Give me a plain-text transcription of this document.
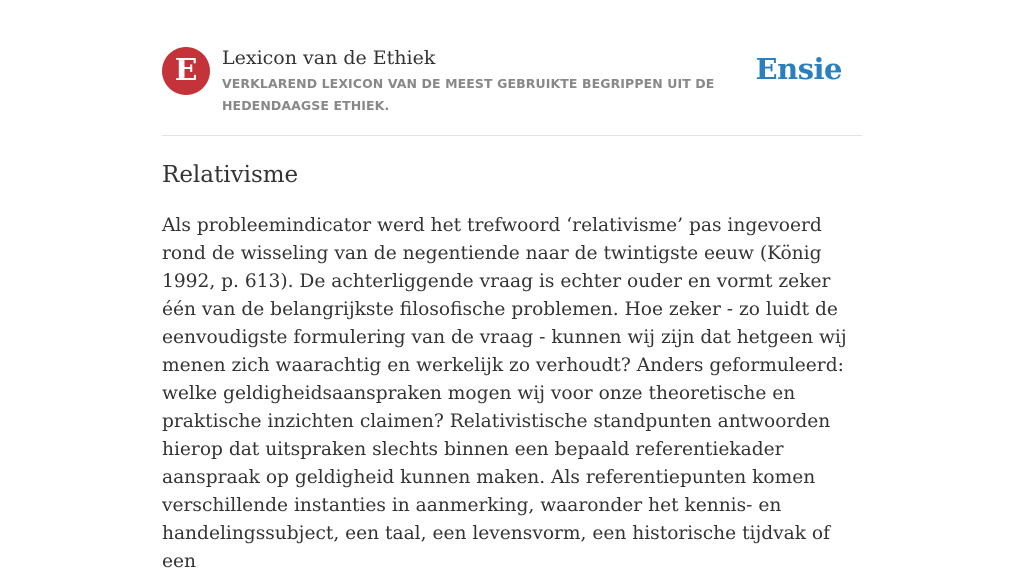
E	Lexicon van de Ethiek
VERKLAREND LEXICON VAN DE MEEST GEBRUIKTE BEGRIPPEN UIT DE HEDENDAAGSE ETHIEK.
Ensie
Relativisme

Als probleemindicator werd het trefwoord ‘relativisme’ pas ingevoerd rond de wisseling van de negentiende naar de twintigste eeuw (König 1992, p. 613). De achterliggende vraag is echter ouder en vormt zeker één van de belangrijkste filosofische problemen. Hoe zeker - zo luidt de eenvoudigste formulering van de vraag - kunnen wij zijn dat hetgeen wij menen zich waarachtig en werkelijk zo verhoudt? Anders geformuleerd: welke geldigheidsaanspraken mogen wij voor onze theoretische en praktische inzichten claimen? Relativistische standpunten antwoorden hierop dat uitspraken slechts binnen een bepaald referentiekader aanspraak op geldigheid kunnen maken. Als referentiepunten komen verschillende instanties in aanmerking, waaronder het kennis- en handelingssubject, een taal, een levensvorm, een historische tijdvak of een
